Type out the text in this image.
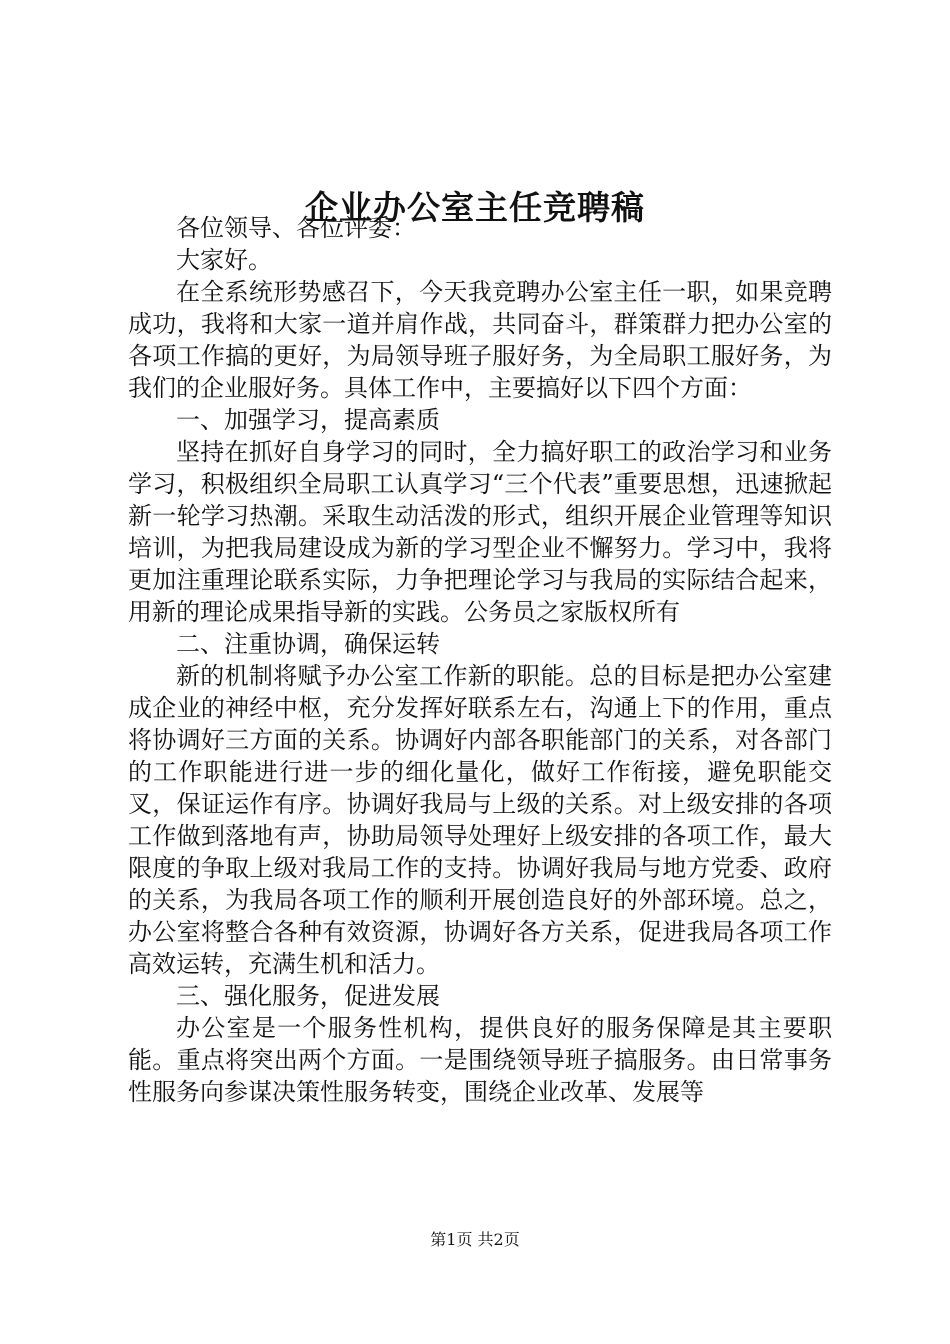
企业办公室主任竞聘稿

各位领导、各位评委：

大家好。

在全系统形势感召下，今天我竞聘办公室主任一职，如果竞聘成功，我将和大家一道并肩作战，共同奋斗，群策群力把办公室的各项工作搞的更好，为局领导班子服好务，为全局职工服好务，为我们的企业服好务。具体工作中，主要搞好以下四个方面：

一、加强学习，提高素质

坚持在抓好自身学习的同时，全力搞好职工的政治学习和业务学习，积极组织全局职工认真学习“三个代表”重要思想，迅速掀起新一轮学习热潮。采取生动活泼的形式，组织开展企业管理等知识培训，为把我局建设成为新的学习型企业不懈努力。学习中，我将更加注重理论联系实际，力争把理论学习与我局的实际结合起来，用新的理论成果指导新的实践。公务员之家版权所有

二、注重协调，确保运转

新的机制将赋予办公室工作新的职能。总的目标是把办公室建成企业的神经中枢，充分发挥好联系左右，沟通上下的作用，重点将协调好三方面的关系。协调好内部各职能部门的关系，对各部门的工作职能进行进一步的细化量化，做好工作衔接，避免职能交叉，保证运作有序。协调好我局与上级的关系。对上级安排的各项工作做到落地有声，协助局领导处理好上级安排的各项工作，最大限度的争取上级对我局工作的支持。协调好我局与地方党委、政府的关系，为我局各项工作的顺利开展创造良好的外部环境。总之，办公室将整合各种有效资源，协调好各方关系，促进我局各项工作高效运转，充满生机和活力。

三、强化服务，促进发展

办公室是一个服务性机构，提供良好的服务保障是其主要职能。重点将突出两个方面。一是围绕领导班子搞服务。由日常事务性服务向参谋决策性服务转变，围绕企业改革、发展等

第1页 共2页
